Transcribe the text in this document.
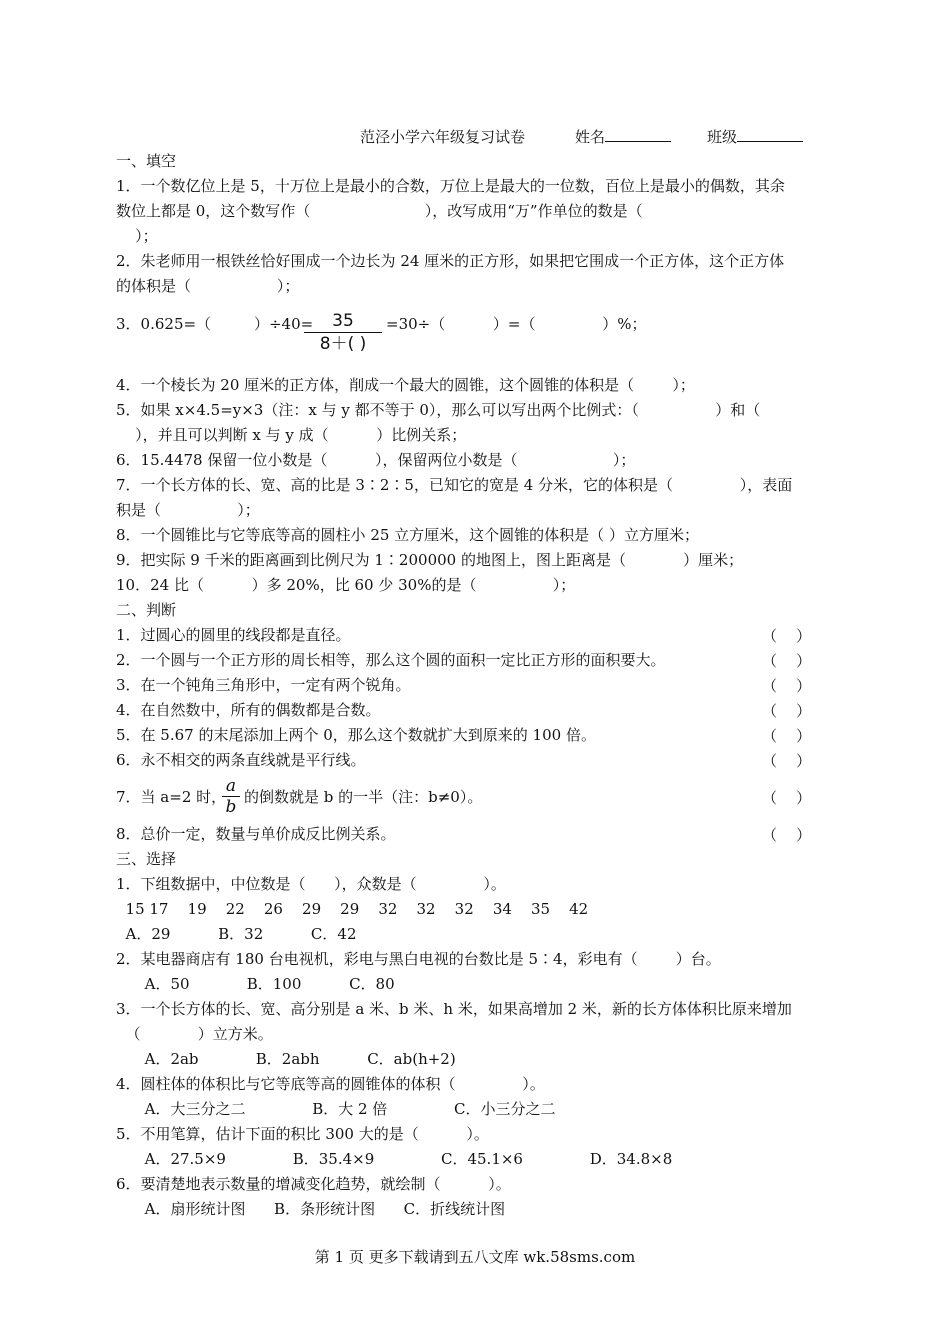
范泾小学六年级复习试卷	姓名	班级
一、填空
1．一个数亿位上是 5，十万位上是最小的合数，万位上是最大的一位数，百位上是最小的偶数，其余
数位上都是 0，这个数写作（                        ），改写成用“万”作单位的数是（
）；
2．朱老师用一根铁丝恰好围成一个边长为 24 厘米的正方形，如果把它围成一个正方体，这个正方体
的体积是（                  ）；
3．0.625=（         ）÷40=	35
8＋( )
=30÷（          ）=（              ）%；
4．一个棱长为 20 厘米的正方体，削成一个最大的圆锥，这个圆锥的体积是（        ）；
5．如果 x×4.5=y×3（注：x 与 y 都不等于 0），那么可以写出两个比例式：（                ）和（
），并且可以判断 x 与 y 成（          ）比例关系；
6．15.4478 保留一位小数是（          ），保留两位小数是（                    ）；
7．一个长方体的长、宽、高的比是 3∶2∶5，已知它的宽是 4 分米，它的体积是（              ），表面
积是（                ）；
8．一个圆锥比与它等底等高的圆柱小 25 立方厘米，这个圆锥的体积是（ ）立方厘米；
9．把实际 9 千米的距离画到比例尺为 1∶200000 的地图上，图上距离是（            ）厘米；
10．24 比（          ）多 20%，比 60 少 30%的是（                ）；
二、判断
1．过圆心的圆里的线段都是直径。	（    ）
2．一个圆与一个正方形的周长相等，那么这个圆的面积一定比正方形的面积要大。	（    ）
3．在一个钝角三角形中，一定有两个锐角。	（    ）
4．在自然数中，所有的偶数都是合数。	（    ）
5．在 5.67 的末尾添加上两个 0，那么这个数就扩大到原来的 100 倍。	（    ）
6．永不相交的两条直线就是平行线。	（    ）
7．当 a=2 时，
a
b 的倒数就是 b 的一半（注：b≠0）。	（    ）
8．总价一定，数量与单价成反比例关系。	（    ）
三、选择
1．下组数据中，中位数是（      ），众数是（              ）。
15 17    19    22    26    29    29    32    32    32    34    35    42
A．29          B．32          C．42
2．某电器商店有 180 台电视机，彩电与黑白电视的台数比是 5∶4，彩电有（        ）台。
A．50            B．100          C．80
3．一个长方体的长、宽、高分别是 a 米、b 米、h 米，如果高增加 2 米，新的长方体体积比原来增加
（            ）立方米。
A．2ab            B．2abh          C．ab(h+2)
4．圆柱体的体积比与它等底等高的圆锥体的体积（              ）。
A．大三分之二              B．大 2 倍              C．小三分之二
5．不用笔算，估计下面的积比 300 大的是（          ）。
A．27.5×9              B．35.4×9              C．45.1×6              D．34.8×8
6．要清楚地表示数量的增减变化趋势，就绘制（          ）。
A．扇形统计图      B．条形统计图      C．折线统计图
第 1 页 更多下载请到五八文库 wk.58sms.com
